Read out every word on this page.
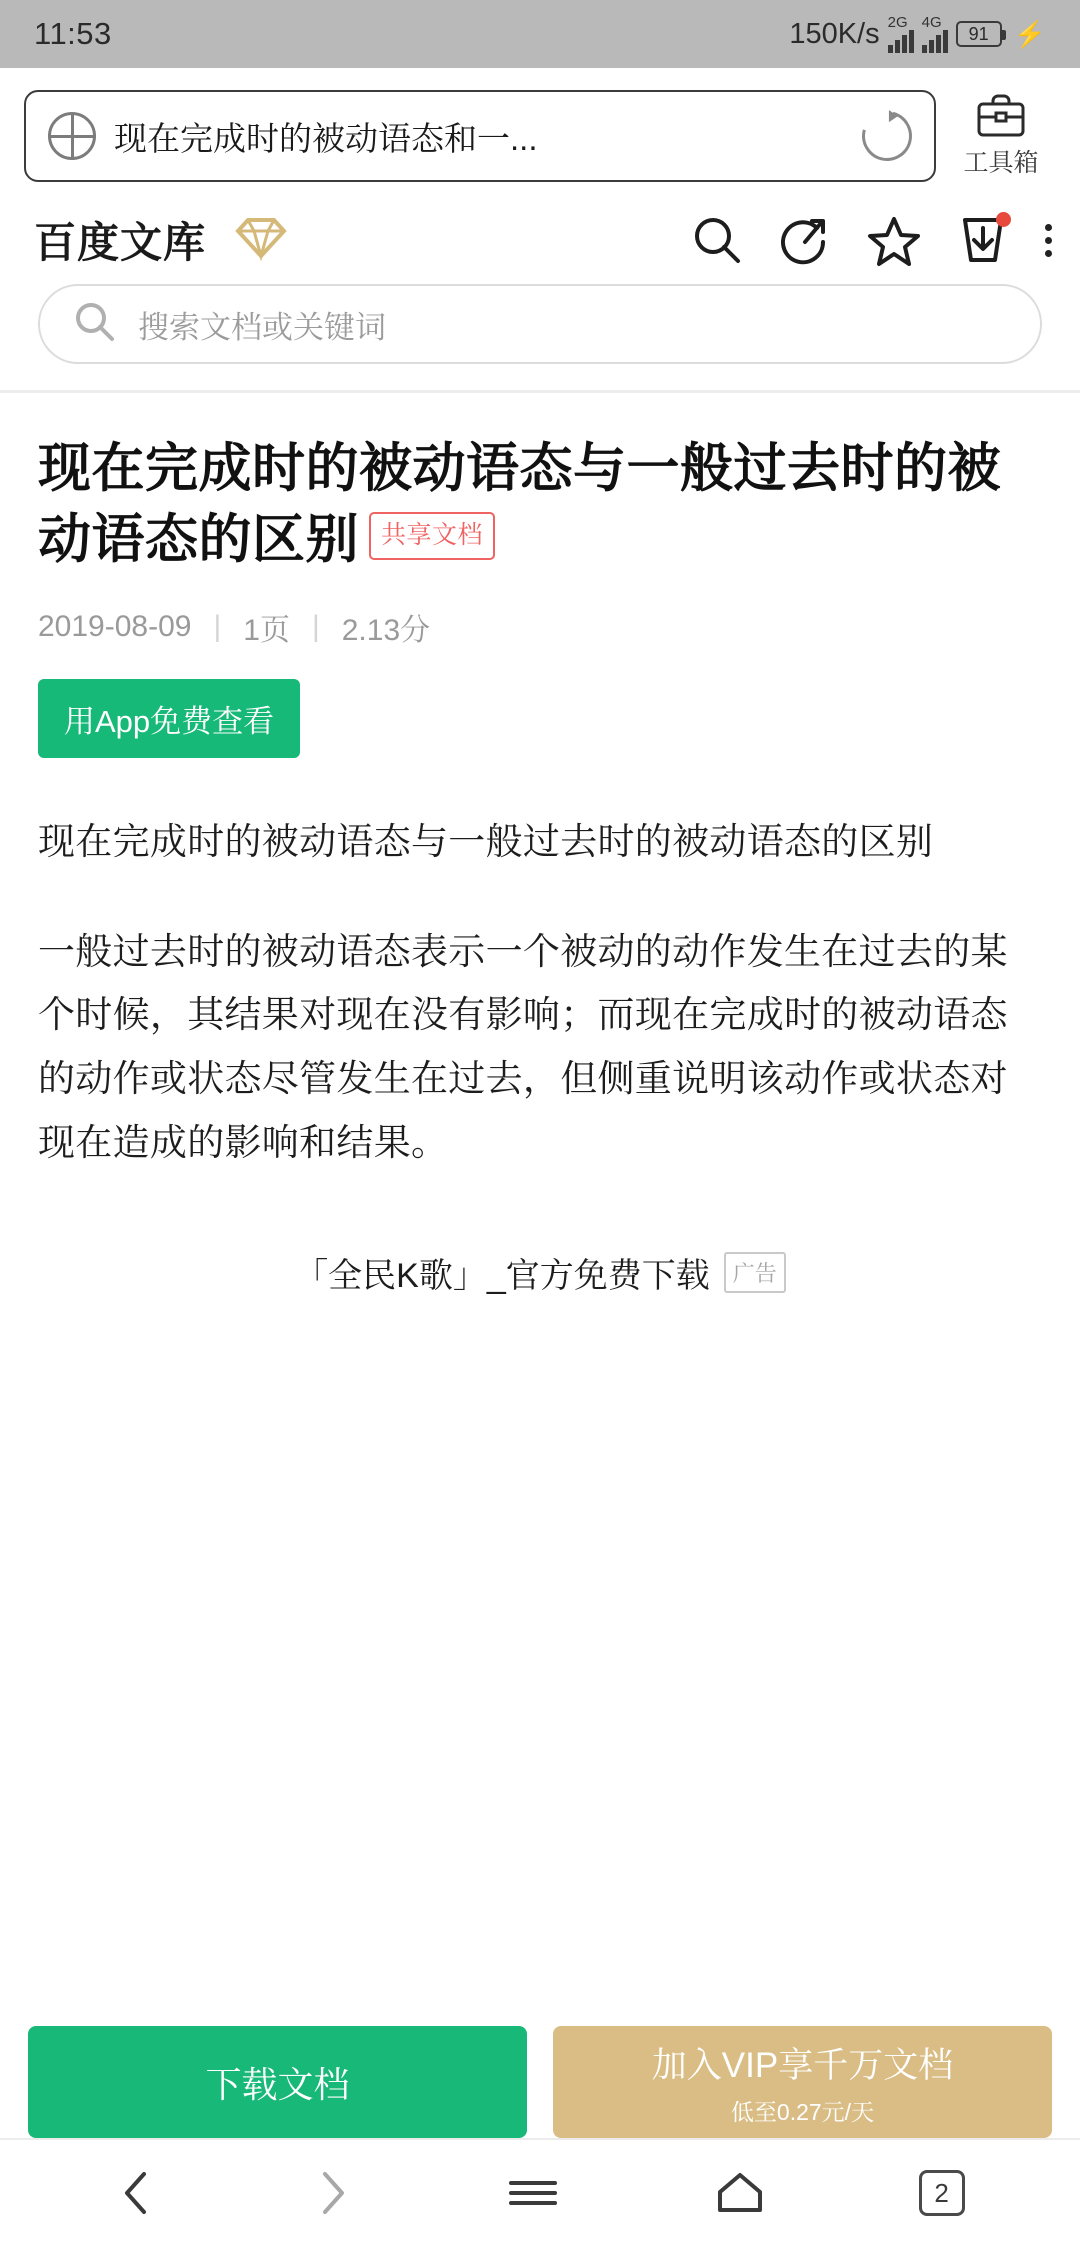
11:53	150K/s 2G 4G
91 ⚡
现在完成时的被动语态和一...
工具箱
百度文库
搜索文档或关键词
现在完成时的被动语态与一般过去时的被动语态的区别 共享文档
2019-08-09 | 1页 | 2.13分
用App免费查看

现在完成时的被动语态与一般过去时的被动语态的区别

一般过去时的被动语态表示一个被动的动作发生在过去的某个时候，其结果对现在没有影响；而现在完成时的被动语态的动作或状态尽管发生在过去，但侧重说明该动作或状态对现在造成的影响和结果。

「全民K歌」_官方免费下载	广告
下载文档	加入VIP享千万文档
低至0.27元/天
2
